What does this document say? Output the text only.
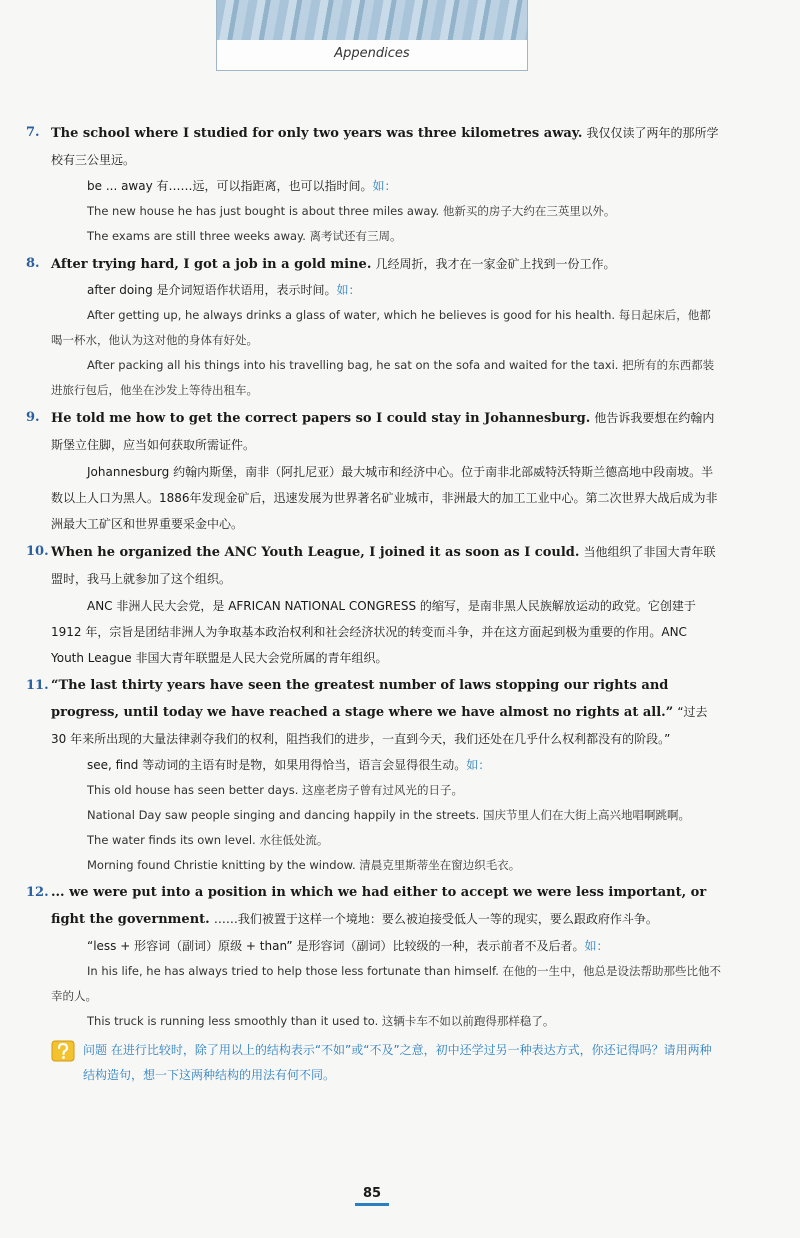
Appendices
7. The school where I studied for only two years was three kilometres away. 我仅仅读了两年的那所学校有三公里远。
be ... away 有……远，可以指距离，也可以指时间。如：
The new house he has just bought is about three miles away. 他新买的房子大约在三英里以外。
The exams are still three weeks away. 离考试还有三周。
8. After trying hard, I got a job in a gold mine. 几经周折，我才在一家金矿上找到一份工作。
after doing 是介词短语作状语用，表示时间。如：
After getting up, he always drinks a glass of water, which he believes is good for his health. 每日起床后，他都喝一杯水，他认为这对他的身体有好处。
After packing all his things into his travelling bag, he sat on the sofa and waited for the taxi. 把所有的东西都装进旅行包后，他坐在沙发上等待出租车。
9. He told me how to get the correct papers so I could stay in Johannesburg. 他告诉我要想在约翰内斯堡立住脚，应当如何获取所需证件。
Johannesburg 约翰内斯堡，南非（阿扎尼亚）最大城市和经济中心。位于南非北部威特沃特斯兰德高地中段南坡。半数以上人口为黑人。1886年发现金矿后，迅速发展为世界著名矿业城市，非洲最大的加工工业中心。第二次世界大战后成为非洲最大工矿区和世界重要采金中心。
10. When he organized the ANC Youth League, I joined it as soon as I could. 当他组织了非国大青年联盟时，我马上就参加了这个组织。
ANC 非洲人民大会党，是 AFRICAN NATIONAL CONGRESS 的缩写，是南非黑人民族解放运动的政党。它创建于 1912 年，宗旨是团结非洲人为争取基本政治权利和社会经济状况的转变而斗争，并在这方面起到极为重要的作用。ANC Youth League 非国大青年联盟是人民大会党所属的青年组织。
11. “The last thirty years have seen the greatest number of laws stopping our rights and progress, until today we have reached a stage where we have almost no rights at all.” “过去 30 年来所出现的大量法律剥夺我们的权利，阻挡我们的进步，一直到今天，我们还处在几乎什么权利都没有的阶段。”
see, find 等动词的主语有时是物，如果用得恰当，语言会显得很生动。如：
This old house has seen better days. 这座老房子曾有过风光的日子。
National Day saw people singing and dancing happily in the streets. 国庆节里人们在大街上高兴地唱啊跳啊。
The water finds its own level. 水往低处流。
Morning found Christie knitting by the window. 清晨克里斯蒂坐在窗边织毛衣。
12. ... we were put into a position in which we had either to accept we were less important, or fight the government. ……我们被置于这样一个境地：要么被迫接受低人一等的现实，要么跟政府作斗争。
“less + 形容词（副词）原级 + than” 是形容词（副词）比较级的一种，表示前者不及后者。如：
In his life, he has always tried to help those less fortunate than himself. 在他的一生中，他总是设法帮助那些比他不幸的人。
This truck is running less smoothly than it used to. 这辆卡车不如以前跑得那样稳了。
问题 在进行比较时，除了用以上的结构表示“不如”或“不及”之意，初中还学过另一种表达方式，你还记得吗？请用两种结构造句，想一下这两种结构的用法有何不同。
85
